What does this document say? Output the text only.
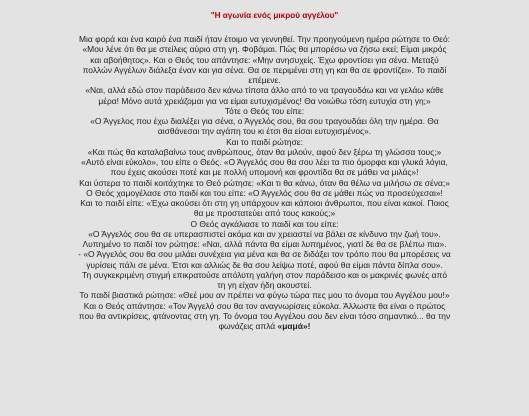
"Η αγωνία ενός μικρού αγγέλου"
Μια φορά και ένα καιρό ένα παιδί ήταν έτοιμο να γεννηθεί. Την προηγούμενη ημέρα ρώτησε το Θεό:
«Μου λένε ότι θα με στείλεις αύριο στη γη. Φοβάμαι. Πώς θα μπορέσω να ζήσω εκεί; Είμαι μικρός
και αβοήθητος». Και ο Θεός του απάντησε: «Μην ανησυχείς. Έχω φροντίσει για σένα. Μεταξύ
πολλών Αγγέλων διάλεξα έναν και για σένα. Θα σε περιμένει στη γη και θα σε φροντίζει». Το παιδί
επέμενε.
«Ναι, αλλά εδώ στον παράδεισο δεν κάνω τίποτα άλλο από το να τραγουδάω και να γελάω κάθε
μέρα! Μόνο αυτά χρειάζομαι για να είμαι ευτυχισμένος! Θα νοιώθω τόση ευτυχία στη γη;»
Τότε ο Θεός του είπε:
«Ο Άγγελος που έχω διαλέξει για σένα, ο Άγγελός σου, θα σου τραγουδάει όλη την ημέρα. Θα
αισθάνεσαι την αγάπη του κι έτσι θα είσαι ευτυχισμένος».
Και το παιδί ρώτησε:
«Και πώς θα καταλαβαίνω τους ανθρώπους, όταν θα μιλούν, αφού δεν ξέρω τη γλώσσα τους;»
«Αυτό είναι εύκολο», του είπε ο Θεός. «Ο Άγγελός σου θα σου λέει τα πιο όμορφα και γλυκά λόγια,
που έχεις ακούσει ποτέ και με πολλή υπομονή και φροντίδα θα σε μάθει να μιλάς»!
Και ύστερα το παιδί κοιτάχτηκε το Θεό ρώτησε: «Και τι θα κάνω, όταν θα θέλω να μιλήσω σε σένα;»
Ο Θεός χαμογέλασε στο παιδί και του είπε: «Ο Άγγελός σου θα σε μάθει πώς να προσεύχεσαι»!
Και το παιδί είπε: «Έχω ακούσει ότι στη γη υπάρχουν και κάποιοι άνθρωποι, που είναι κακοί. Ποιος
θα με προστατεύει από τους κακούς;»
Ο Θεός αγκάλιασε το παιδί και του είπε:
«Ο Άγγελός σου θα σε υπερασπιστεί ακόμα και αν χρειαστεί να βάλει σε κίνδυνο την ζωή του».
Λυπημένο το παιδί τον ρώτησε: «Ναι, αλλά πάντα θα είμαι λυπημένος, γιατί δε θα σε βλέπω πια».
- «Ο Άγγελός σου θα σου μιλάει συνέχεια για μένα και θα σε διδάξει τον τρόπο που θα μπορέσεις να
γυρίσεις πάλι σε μένα. Έτσι και αλλιώς δε θα σου λείψω ποτέ, αφού θα είμαι πάντα δίπλα σου».
Τη συγκεκριμένη στιγμή επικρατούσε απόλυτη γαλήνη στον παράδεισο και οι μακρινές φωνές από
τη γη είχαν ήδη ακουστεί.
Το παιδί βιαστικά ρώτησε: «Θεέ μου αν πρέπει να φύγω τώρα πες μου το όνομα του Αγγέλου μου!»
Και ο Θεός απάντησε: «Τον Άγγελό σου θα τον αναγνωρίσεις εύκολα. Άλλωστε θα είναι ο πρώτος
που θα αντικρίσεις, φτάνοντας στη γη. Το όνομα του Αγγέλου σου δεν είναι τόσο σημαντικό... θα την
φωνάζεις απλά «μαμά»!
